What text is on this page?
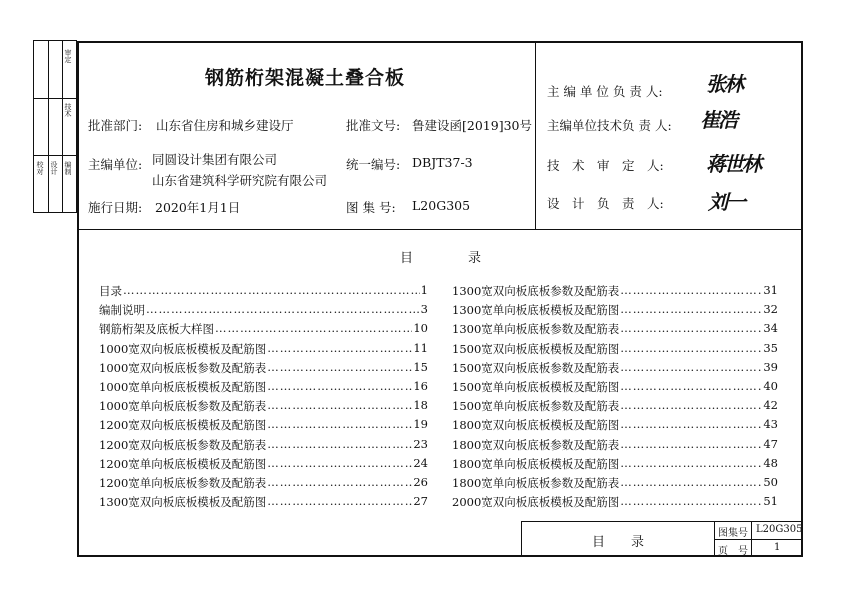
校对 设计
审定
技术
编制
钢筋桁架混凝土叠合板
批准部门: 山东省住房和城乡建设厅	批准文号: 鲁建设函[2019]30号
主编单位: 同圆设计集团有限公司
山东省建筑科学研究院有限公司
统一编号: DBJT37-3
施行日期: 2020年1月1日	图 集 号: L20G305
主 编 单 位 负 责 人: 张林
主编单位技术负 责 人: 崔浩
技　术　审　定　人: 蒋世林
设　计　负　责　人: 刘一
目	录
目录 ……………………………………………………………………………………………………………………………………	1
编制说明 ……………………………………………………………………………………………………………………………………	3
钢筋桁架及底板大样图 ……………………………………………………………………………………………………………………………………	10
1000宽双向板底板模板及配筋图 ……………………………………………………………………………………………………………………………………	11
1000宽双向板底板参数及配筋表 ……………………………………………………………………………………………………………………………………	15
1000宽单向板底板模板及配筋图 ……………………………………………………………………………………………………………………………………	16
1000宽单向板底板参数及配筋表 ……………………………………………………………………………………………………………………………………	18
1200宽双向板底板模板及配筋图 ……………………………………………………………………………………………………………………………………	19
1200宽双向板底板参数及配筋表 ……………………………………………………………………………………………………………………………………	23
1200宽单向板底板模板及配筋图 ……………………………………………………………………………………………………………………………………	24
1200宽单向板底板参数及配筋表 ……………………………………………………………………………………………………………………………………	26
1300宽双向板底板模板及配筋图 ……………………………………………………………………………………………………………………………………	27
1300宽双向板底板参数及配筋表 ……………………………………………………………………………………………………………………………………	31
1300宽单向板底板模板及配筋图 ……………………………………………………………………………………………………………………………………	32
1300宽单向板底板参数及配筋表 ……………………………………………………………………………………………………………………………………	34
1500宽双向板底板模板及配筋图 ……………………………………………………………………………………………………………………………………	35
1500宽双向板底板参数及配筋表 ……………………………………………………………………………………………………………………………………	39
1500宽单向板底板模板及配筋图 ……………………………………………………………………………………………………………………………………	40
1500宽单向板底板参数及配筋表 ……………………………………………………………………………………………………………………………………	42
1800宽双向板底板模板及配筋图 ……………………………………………………………………………………………………………………………………	43
1800宽双向板底板参数及配筋表 ……………………………………………………………………………………………………………………………………	47
1800宽单向板底板模板及配筋图 ……………………………………………………………………………………………………………………………………	48
1800宽单向板底板参数及配筋表 ……………………………………………………………………………………………………………………………………	50
2000宽双向板底板模板及配筋图 ……………………………………………………………………………………………………………………………………	51
目　　录
图集号 L20G305
页　号	1
